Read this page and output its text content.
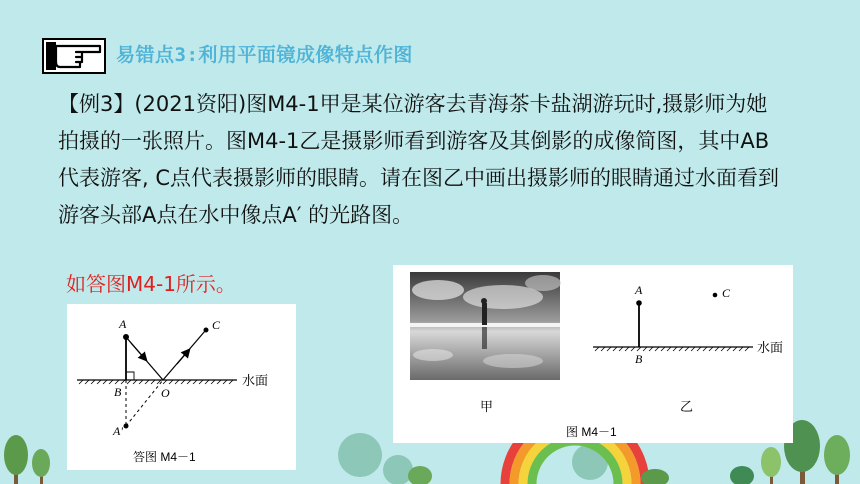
易错点3:利用平面镜成像特点作图
【例3】(2021资阳)图M4-1甲是某位游客去青海茶卡盐湖游玩时,摄影师为她拍摄的一张照片。图M4-1乙是摄影师看到游客及其倒影的成像简图，其中AB代表游客, C点代表摄影师的眼睛。请在图乙中画出摄影师的眼睛通过水面看到游客头部A点在水中像点A′ 的光路图。
如答图M4-1所示。
A	C
B	O
A'
水面
答图 M4－1
甲
A	C
B
水面
乙
图 M4－1
